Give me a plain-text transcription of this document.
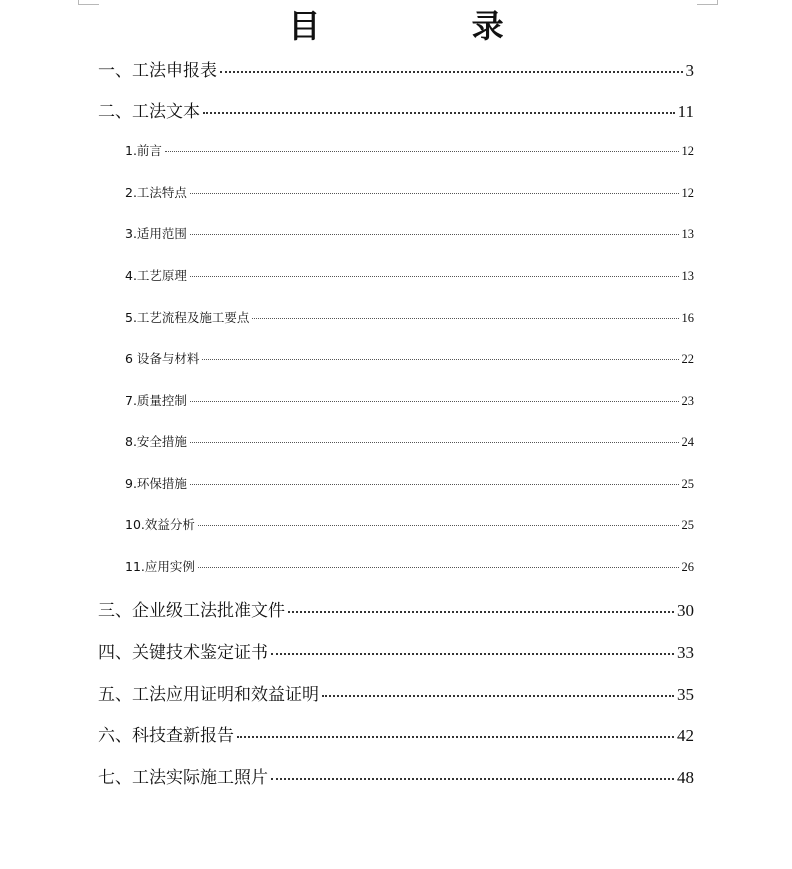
目 录
一、工法申报表	3
二、工法文本	11
1.前言	12
2.工法特点	12
3.适用范围	13
4.工艺原理	13
5.工艺流程及施工要点	16
6 设备与材料	22
7.质量控制	23
8.安全措施	24
9.环保措施	25
10.效益分析	25
11.应用实例	26
三、企业级工法批准文件	30
四、关键技术鉴定证书	33
五、工法应用证明和效益证明	35
六、科技查新报告	42
七、工法实际施工照片	48
